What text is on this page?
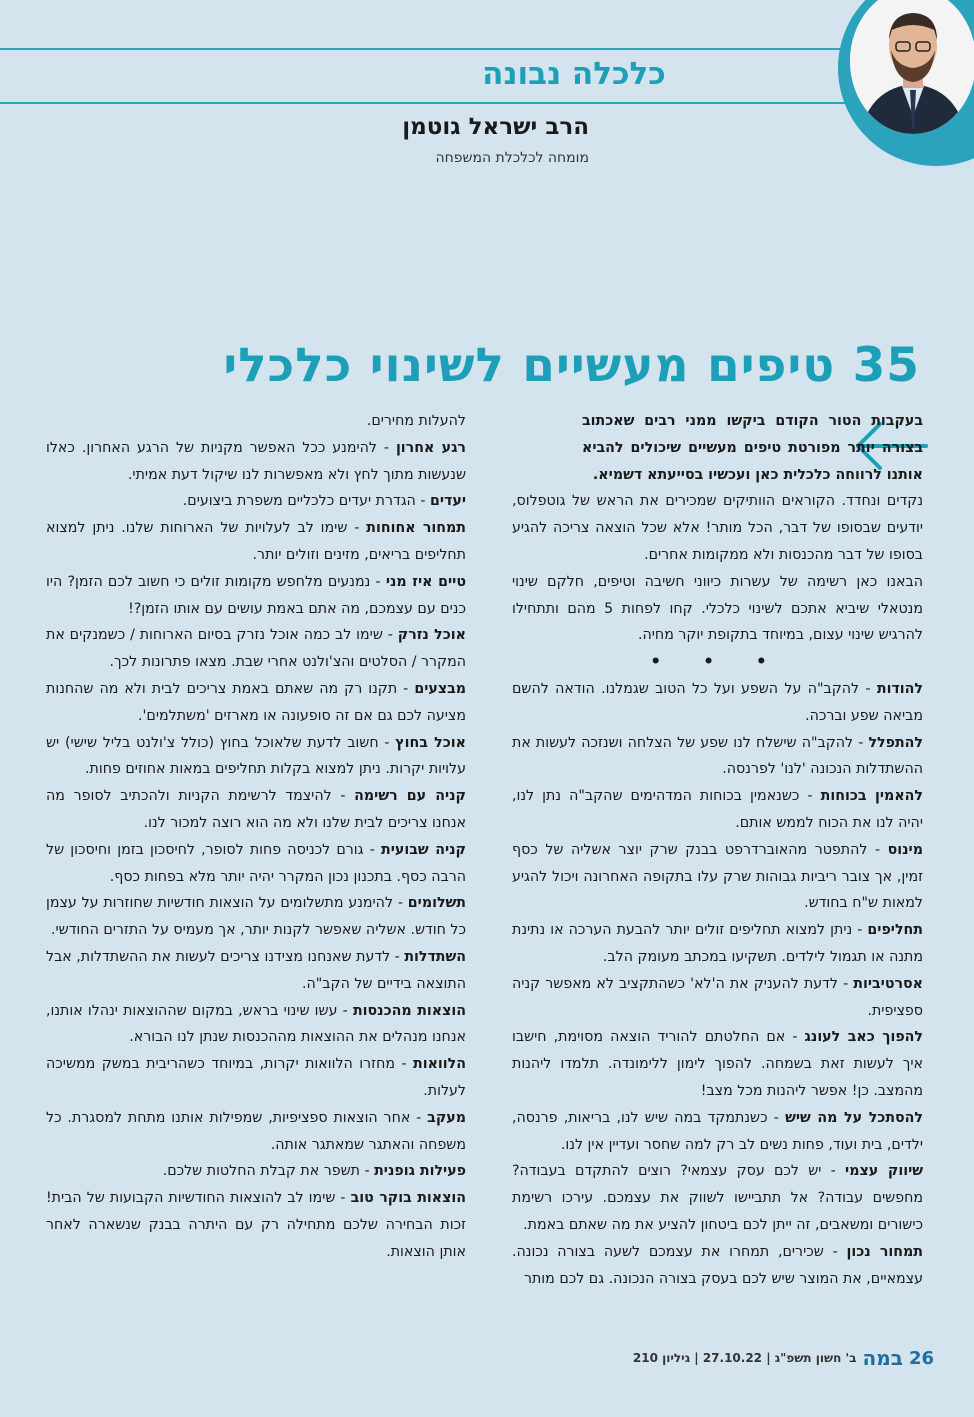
כלכלה נבונה
הרב ישראל גוטמן
מומחה לכלכלת המשפחה
35 טיפים מעשיים לשינוי כלכלי

בעקבות הטור הקודם ביקשו ממני רבים שאכתוב בצורה יותר מפורטת טיפים מעשיים שיכולים להביא אותנו לרווחה כלכלית כאן ועכשיו בסייעתא דשמיא.

נקדים ונחדד. הקוראים הוותיקים שמכירים את הראש של גוטפלוס, יודעים שבסופו של דבר, הכל מותר! אלא שכל הוצאה צריכה להגיע בסופו של דבר מהכנסות ולא ממקומות אחרים.

הבאנו כאן רשימה של עשרות כיווני חשיבה וטיפים, חלקם שינוי מנטאלי שיביא אתכם לשינוי כלכלי. קחו לפחות 5 מהם ותתחילו להרגיש שינוי עצום, במיוחד בתקופת יוקר מחיה.

• • •

להודות - להקב"ה על השפע ועל כל הטוב שגמלנו. הודאה להשם מביאה שפע וברכה.

להתפלל - להקב"ה שישלח לנו שפע של הצלחה ושנזכה לעשות את ההשתדלות הנכונה 'לנו' לפרנסה.

להאמין בכוחות - כשנאמין בכוחות המדהימים שהקב"ה נתן לנו, יהיה לנו את הכוח לממש אותם.

מינוס - להתפטר מהאוברדרפט בבנק שרק יוצר אשליה של כסף זמין, אך צובר ריביות גבוהות שרק עלו בתקופה האחרונה ויכול להגיע למאות ש"ח בחודש.

תחליפים - ניתן למצוא תחליפים זולים יותר להבעת הערכה או נתינת מתנה או תגמול לילדים. תשקיעו במכתב מעומק הלב.

אסרטיביות - לדעת להעניק את ה'לא' כשהתקציב לא מאפשר קניה ספציפית.

להפוך כאב לעונג - אם החלטתם להוריד הוצאה מסוימת, חישבו איך לעשות זאת בשמחה. להפוך לימון ללימונדה. תלמדו ליהנות מהמצב. כן! אפשר ליהנות מכל מצב!

להסתכל על מה שיש - כשנתמקד במה שיש לנו, בריאות, פרנסה, ילדים, בית ועוד, פחות נשים לב רק למה שחסר ועדיין אין לנו.

שיווק עצמי - יש לכם עסק עצמאי? רוצים להתקדם בעבודה? מחפשים עבודה? אל תתביישו לשווק את עצמכם. עירכו רשימת כישורים ומשאבים, זה ייתן לכם ביטחון להציע את מה שאתם באמת.

תמחור נכון - שכירים, תמחרו את עצמכם לשעה בצורה נכונה. עצמאיים, את המוצר שיש לכם בעסק בצורה הנכונה. גם לכם מותר

להעלות מחירים.

רגע אחרון - להימנע ככל האפשר מקניות של הרגע האחרון. כאלו שנעשות מתוך לחץ ולא מאפשרות לנו שיקול דעת אמיתי.

יעדים - הגדרת יעדים כלכליים משפרת ביצועים.

תמחור אחוחות - שימו לב לעלויות של הארוחות שלנו. ניתן למצוא תחליפים בריאים, מזינים וזולים יותר.

טיים איז מני - נמנעים מלחפש מקומות זולים כי חשוב לכם הזמן? היו כנים עם עצמכם, מה אתם באמת עושים עם אותו הזמן?!

אוכל נזרק - שימו לב כמה אוכל נזרק בסיום הארוחות / כשמנקים את המקרר / הסלטים והצ'ולנט אחרי שבת. מצאו פתרונות לכך.

מבצעים - תקנו רק מה שאתם באמת צריכים לבית ולא מה שהחנות מציעה לכם גם אם זה סופעונה או מארזים 'משתלמים'.

אוכל בחוץ - חשוב לדעת שלאוכל בחוץ (כולל צ'ולנט בליל שישי) יש עלויות יקרות. ניתן למצוא בקלות תחליפים במאות אחוזים פחות.

קניה עם רשימה - להיצמד לרשימת הקניות ולהכתיב לסופר מה אנחנו צריכים לבית שלנו ולא מה הוא רוצה למכור לנו.

קניה שבועית - גורם לכניסה פחות לסופר, לחיסכון בזמן וחיסכון של הרבה כסף. בתכנון נכון המקרר יהיה יותר מלא בפחות כסף.

תשלומים - להימנע מתשלומים על הוצאות חודשיות שחוזרות על עצמן כל חודש. אשליה שאפשר לקנות יותר, אך מעמיס על התזרים החודשי.

השתדלות - לדעת שאנחנו מצידנו צריכים לעשות את ההשתדלות, אבל התוצאה בידיים של הקב"ה.

הוצאות מהכנסות - עשו שינוי בראש, במקום שההוצאות ינהלו אותנו, אנחנו מנהלים את ההוצאות מההכנסות שנתן לנו הבורא.

הלוואות - מחזרו הלוואות יקרות, במיוחד כשהריבית במשק ממשיכה לעלות.

מעקב - אחר הוצאות ספציפיות, שמפילות אותנו מתחת למסגרת. כל משפחה והאתגר שמאתגר אותה.

פעילות גופנית - תשפר את קבלת החלטות שלכם.

הוצאות בוקר טוב - שימו לב להוצאות החודשיות הקבועות של הבית! זכות הבחירה שלכם מתחילה רק עם היתרה בבנק שנשארה לאחר אותן הוצאות.

26
במה
ב' חשון תשפ"ג | 27.10.22 | גיליון 210
